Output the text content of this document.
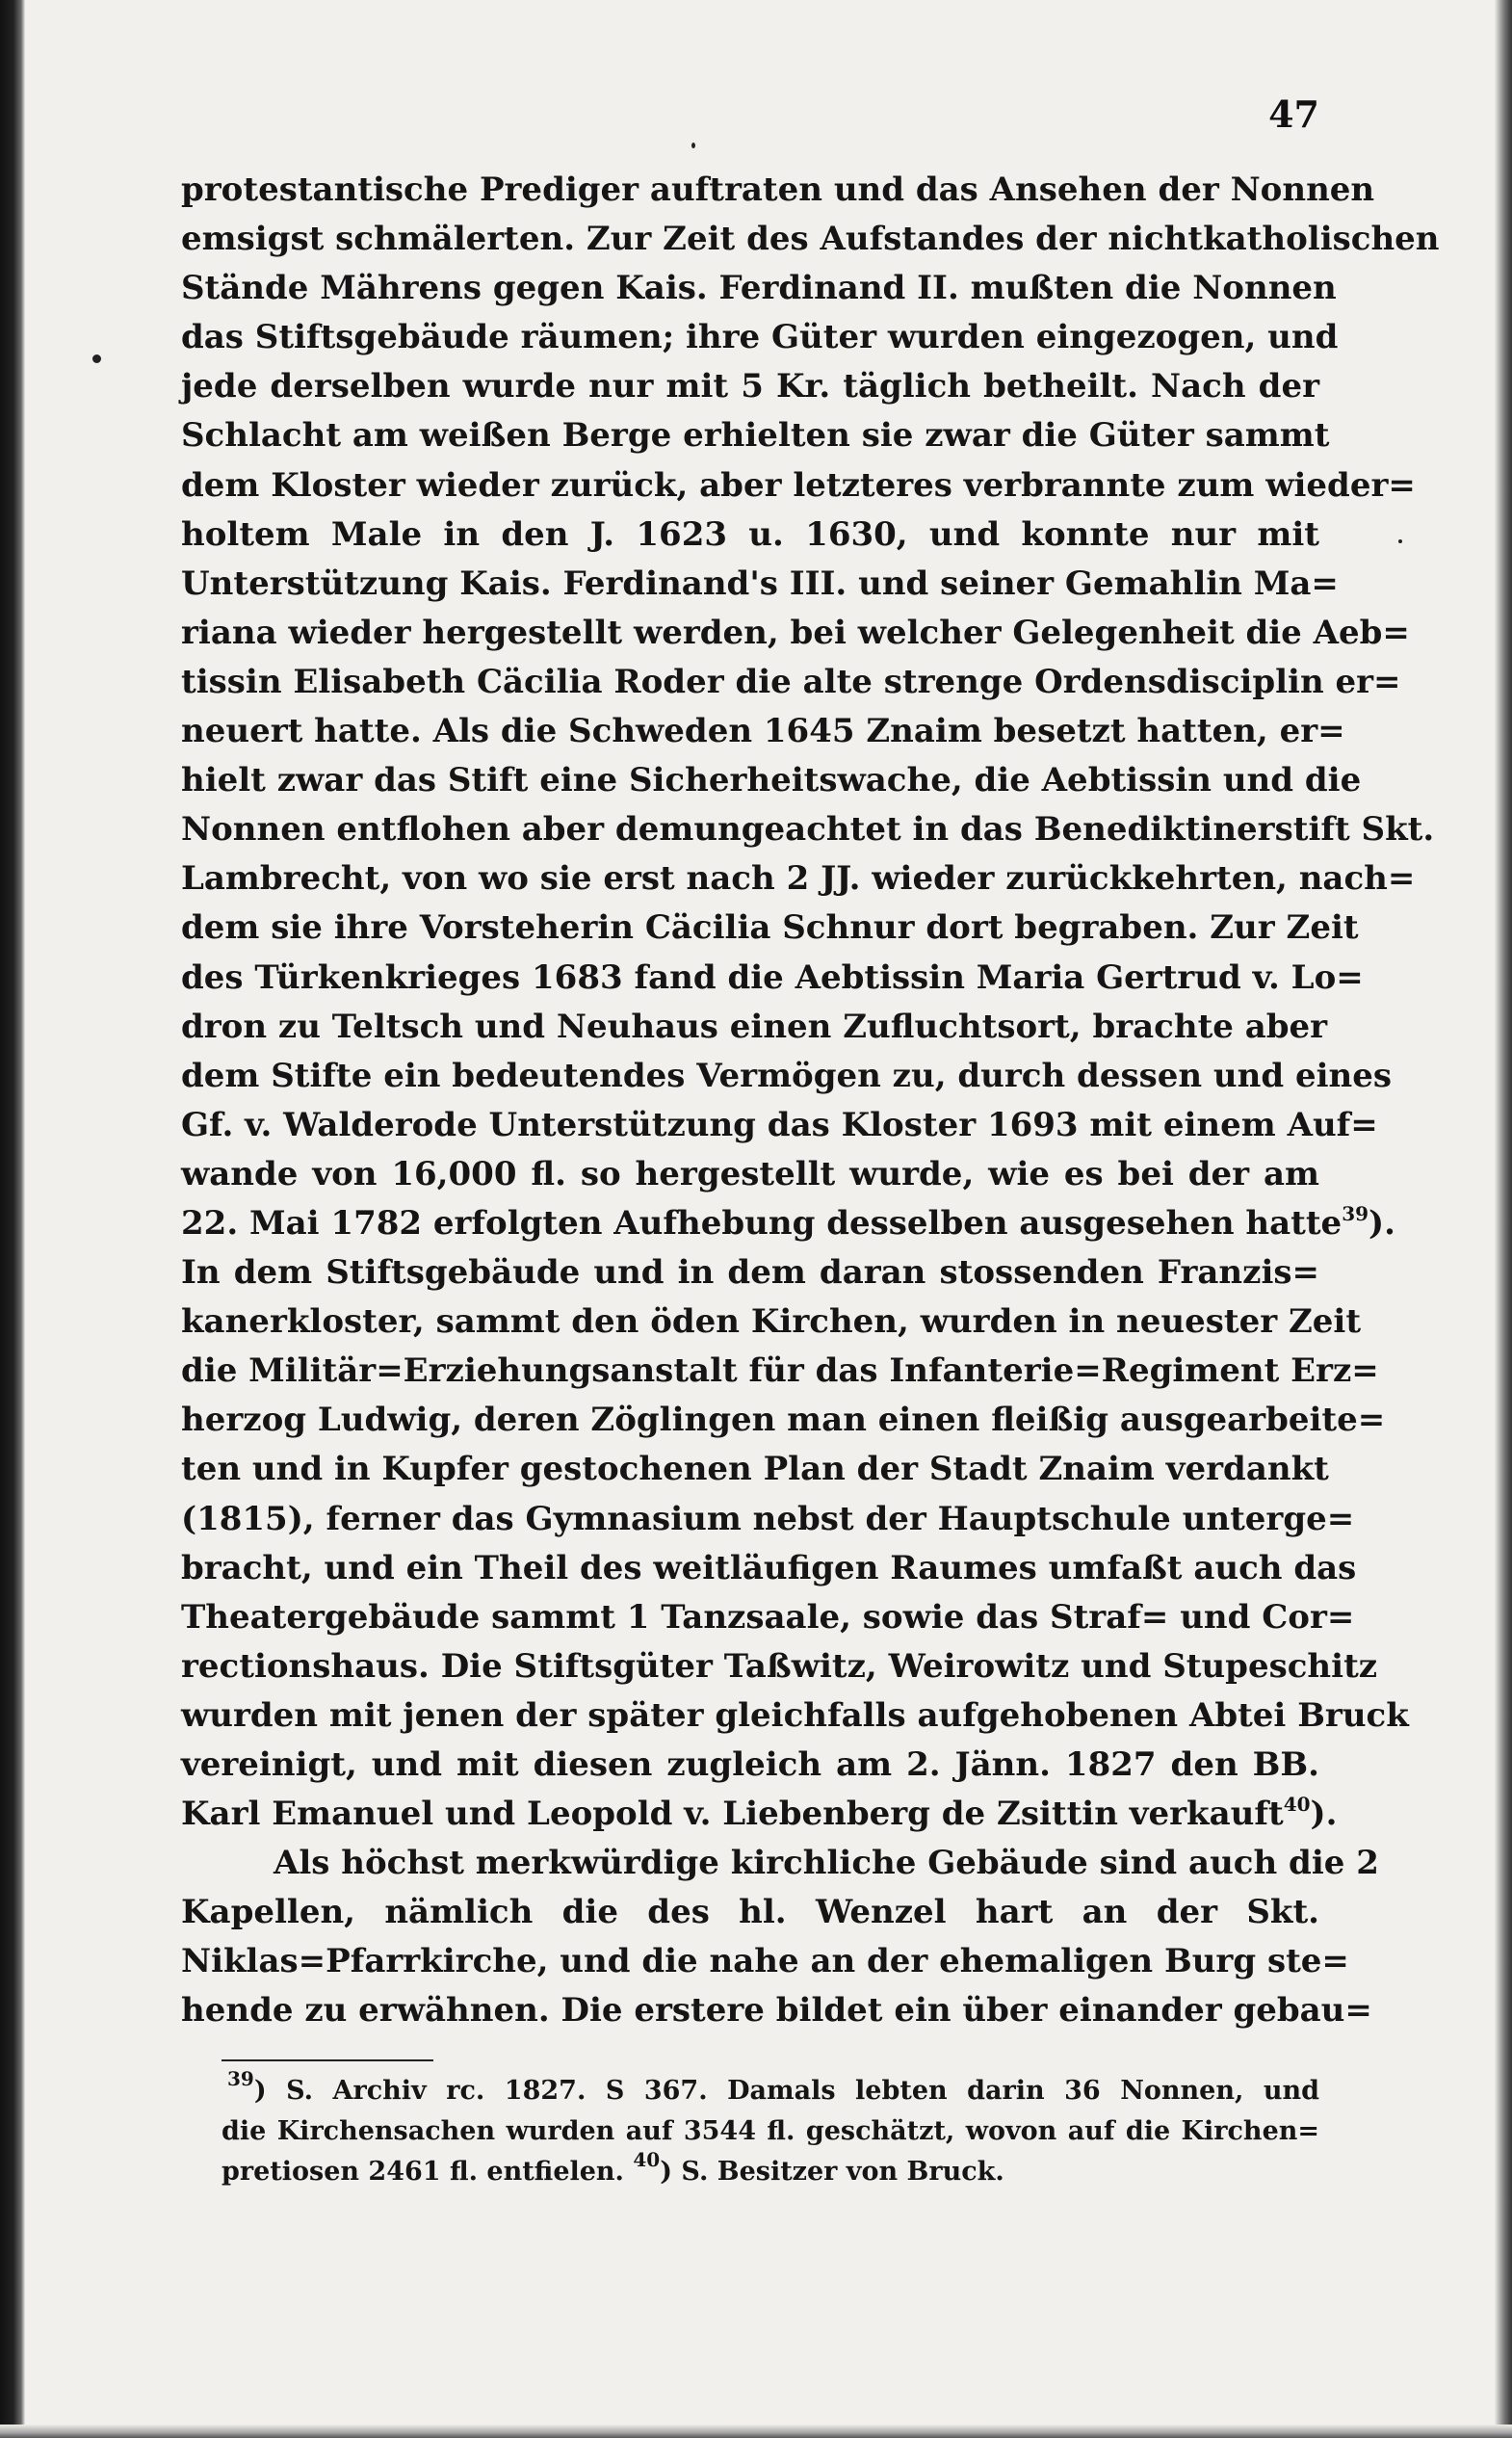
47
protestantische Prediger auftraten und das Ansehen der Nonnen
emsigst schmälerten. Zur Zeit des Aufstandes der nichtkatholischen
Stände Mährens gegen Kais. Ferdinand II. mußten die Nonnen
das Stiftsgebäude räumen; ihre Güter wurden eingezogen, und
jede derselben wurde nur mit 5 Kr. täglich betheilt. Nach der
Schlacht am weißen Berge erhielten sie zwar die Güter sammt
dem Kloster wieder zurück, aber letzteres verbrannte zum wieder=
holtem Male in den J. 1623 u. 1630, und konnte nur mit
Unterstützung Kais. Ferdinand's III. und seiner Gemahlin Ma=
riana wieder hergestellt werden, bei welcher Gelegenheit die Aeb=
tissin Elisabeth Cäcilia Roder die alte strenge Ordensdisciplin er=
neuert hatte. Als die Schweden 1645 Znaim besetzt hatten, er=
hielt zwar das Stift eine Sicherheitswache, die Aebtissin und die
Nonnen entflohen aber demungeachtet in das Benediktinerstift Skt.
Lambrecht, von wo sie erst nach 2 JJ. wieder zurückkehrten, nach=
dem sie ihre Vorsteherin Cäcilia Schnur dort begraben. Zur Zeit
des Türkenkrieges 1683 fand die Aebtissin Maria Gertrud v. Lo=
dron zu Teltsch und Neuhaus einen Zufluchtsort, brachte aber
dem Stifte ein bedeutendes Vermögen zu, durch dessen und eines
Gf. v. Walderode Unterstützung das Kloster 1693 mit einem Auf=
wande von 16,000 fl. so hergestellt wurde, wie es bei der am
22. Mai 1782 erfolgten Aufhebung desselben ausgesehen hatte$^{39}$).
In dem Stiftsgebäude und in dem daran stossenden Franzis=
kanerkloster, sammt den öden Kirchen, wurden in neuester Zeit
die Militär=Erziehungsanstalt für das Infanterie=Regiment Erz=
herzog Ludwig, deren Zöglingen man einen fleißig ausgearbeite=
ten und in Kupfer gestochenen Plan der Stadt Znaim verdankt
(1815), ferner das Gymnasium nebst der Hauptschule unterge=
bracht, und ein Theil des weitläufigen Raumes umfaßt auch das
Theatergebäude sammt 1 Tanzsaale, sowie das Straf= und Cor=
rectionshaus. Die Stiftsgüter Taßwitz, Weirowitz und Stupeschitz
wurden mit jenen der später gleichfalls aufgehobenen Abtei Bruck
vereinigt, und mit diesen zugleich am 2. Jänn. 1827 den BB.
Karl Emanuel und Leopold v. Liebenberg de Zsittin verkauft$^{40}$).
Als höchst merkwürdige kirchliche Gebäude sind auch die 2
Kapellen, nämlich die des hl. Wenzel hart an der Skt.
Niklas=Pfarrkirche, und die nahe an der ehemaligen Burg ste=
hende zu erwähnen. Die erstere bildet ein über einander gebau=
$^{39}$) S. Archiv rc. 1827. S 367. Damals lebten darin 36 Nonnen, und
die Kirchensachen wurden auf 3544 fl. geschätzt, wovon auf die Kirchen=
pretiosen 2461 fl. entfielen. $^{40}$) S. Besitzer von Bruck.
